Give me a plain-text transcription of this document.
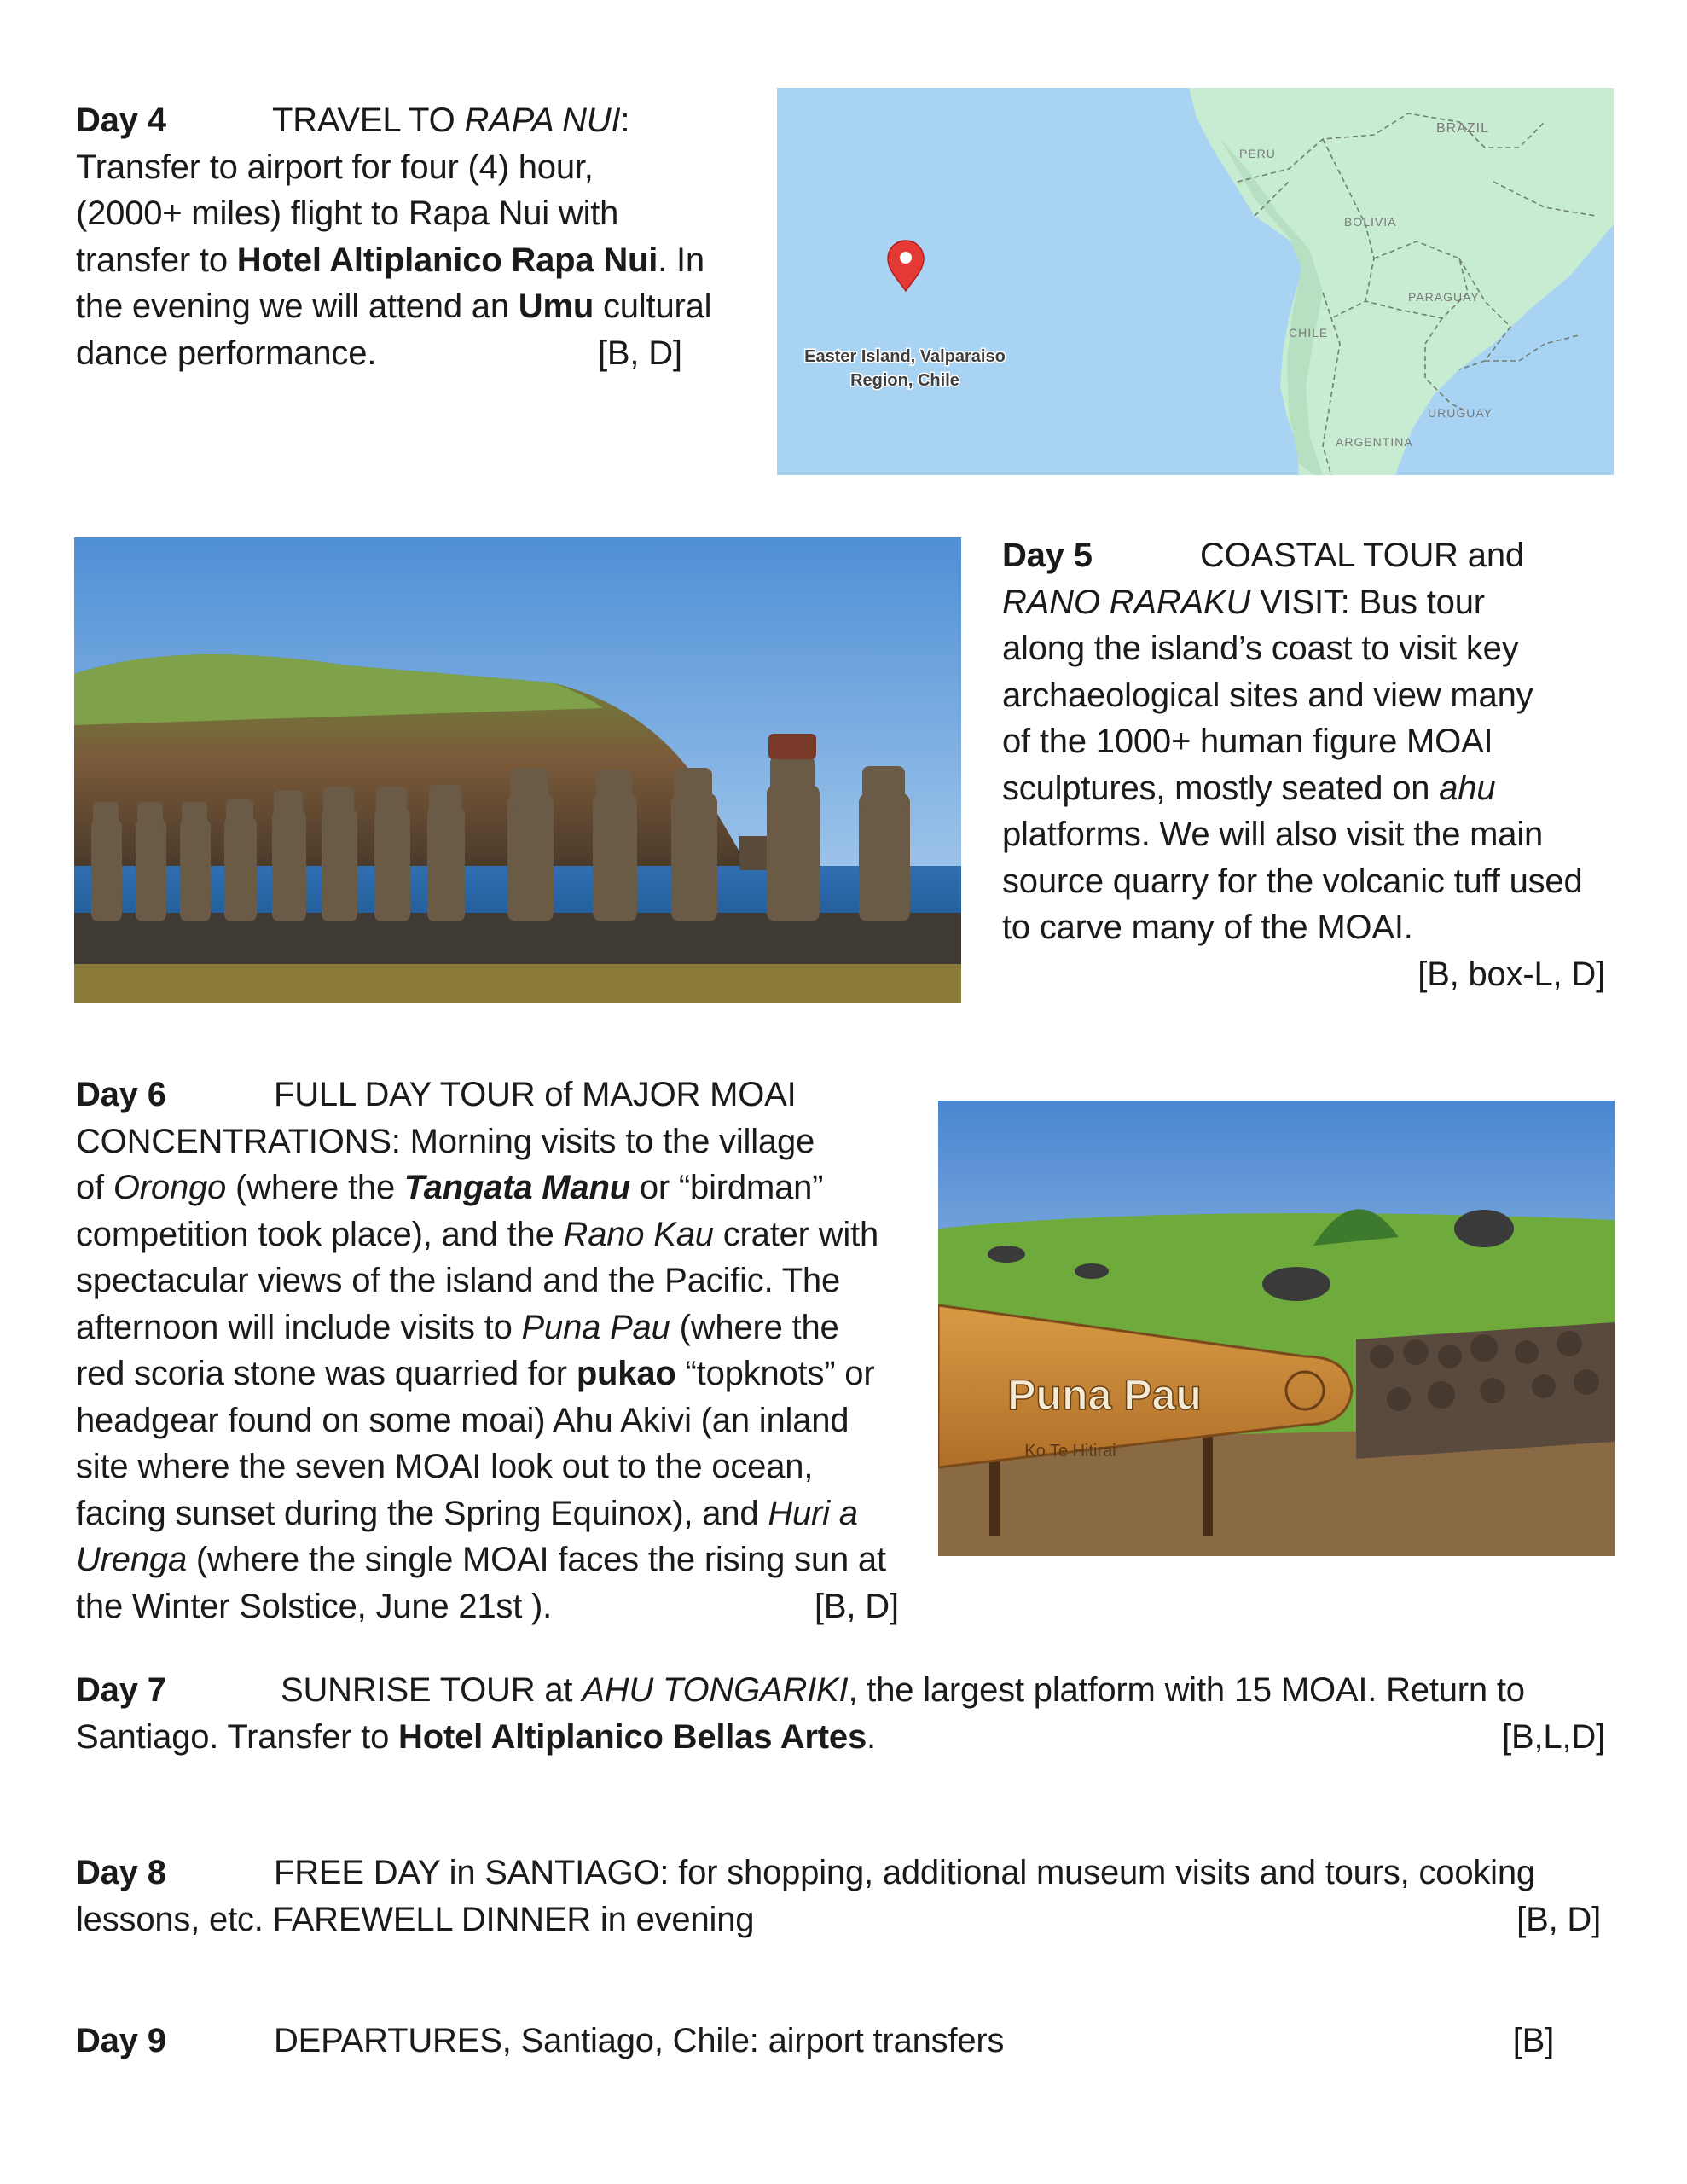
Day 4	TRAVEL TO RAPA NUI:

Transfer to airport for four (4) hour,

(2000+ miles) flight to Rapa Nui with

transfer to Hotel Altiplanico Rapa Nui. In

the evening we will attend an Umu cultural

dance performance.	[B, D]

BRAZIL
PERU
BOLIVIA
PARAGUAY
CHILE
URUGUAY
ARGENTINA
Easter Island, Valparaiso
Region, Chile

Day 5	COASTAL TOUR and

RANO RARAKU VISIT: Bus tour

along the island’s coast to visit key

archaeological sites and view many

of the 1000+ human figure MOAI

sculptures, mostly seated on ahu

platforms. We will also visit the main

source quarry for the volcanic tuff used

to carve many of the MOAI.

[B, box-L, D]

Day 6	FULL DAY TOUR of MAJOR MOAI

CONCENTRATIONS: Morning visits to the village

of Orongo (where the Tangata Manu or “birdman”

competition took place), and the Rano Kau crater with

spectacular views of the island and the Pacific. The

afternoon will include visits to Puna Pau (where the

red scoria stone was quarried for pukao “topknots” or

headgear found on some moai) Ahu Akivi (an inland

site where the seven MOAI look out to the ocean,

facing sunset during the Spring Equinox), and Huri a

Urenga (where the single MOAI faces the rising sun at

the Winter Solstice, June 21st ).	[B, D]

Puna Pau
Ko Te Hitirai

Day 7	SUNRISE TOUR at AHU TONGARIKI, the largest platform with 15 MOAI. Return to

Santiago. Transfer to Hotel Altiplanico Bellas Artes.	[B,L,D]

Day 8	FREE DAY in SANTIAGO: for shopping, additional museum visits and tours, cooking

lessons, etc. FAREWELL DINNER in evening	[B, D]

Day 9	DEPARTURES, Santiago, Chile: airport transfers	[B]
